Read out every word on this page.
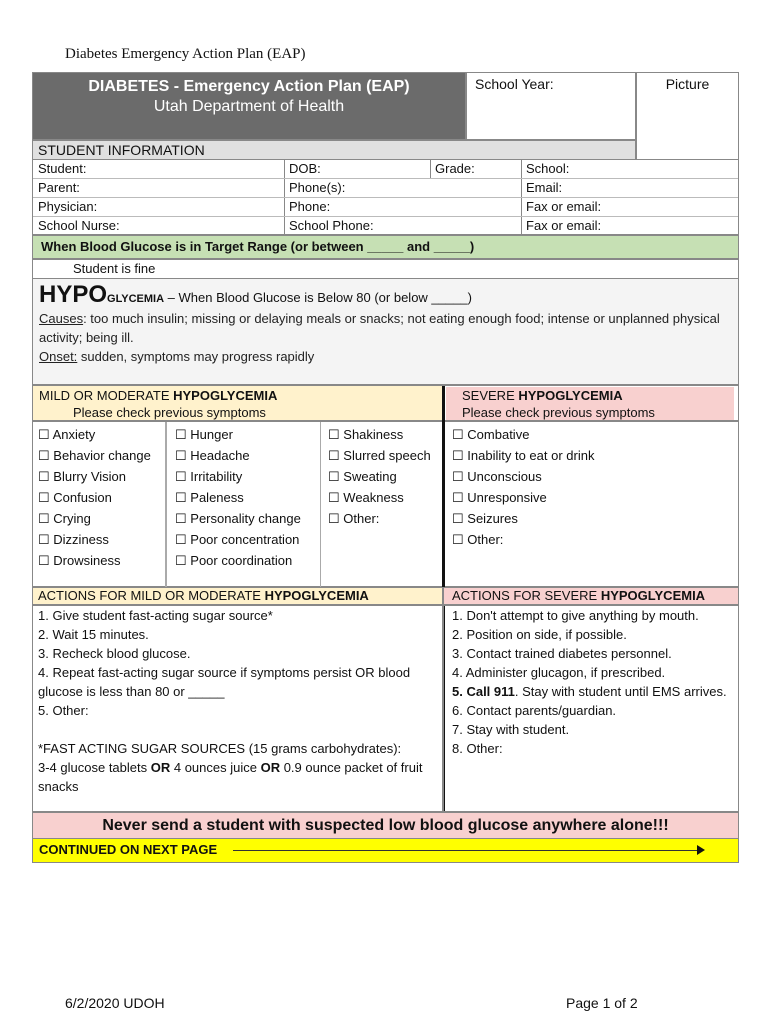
Diabetes Emergency Action Plan (EAP)
DIABETES - Emergency Action Plan (EAP)
Utah Department of Health
School Year:	Picture
STUDENT INFORMATION
Student:	DOB:	Grade:	School:
Parent:	Phone(s):	Email:
Physician:	Phone:	Fax or email:
School Nurse:	School Phone:	Fax or email:
When Blood Glucose is in Target Range (or between _____ and _____)
Student is fine
HYPOGLYCEMIA – When Blood Glucose is Below 80 (or below _____)
Causes: too much insulin; missing or delaying meals or snacks; not eating enough food; intense or unplanned physical activity; being ill.
Onset: sudden, symptoms may progress rapidly
MILD OR MODERATE HYPOGLYCEMIA
Please check previous symptoms
SEVERE HYPOGLYCEMIA
Please check previous symptoms
☐ Anxiety
☐ Behavior change
☐ Blurry Vision
☐ Confusion
☐ Crying
☐ Dizziness
☐ Drowsiness
☐ Hunger
☐ Headache
☐ Irritability
☐ Paleness
☐ Personality change
☐ Poor concentration
☐ Poor coordination
☐ Shakiness
☐ Slurred speech
☐ Sweating
☐ Weakness
☐ Other:
☐ Combative
☐ Inability to eat or drink
☐ Unconscious
☐ Unresponsive
☐ Seizures
☐ Other:
ACTIONS FOR MILD OR MODERATE HYPOGLYCEMIA	ACTIONS FOR SEVERE HYPOGLYCEMIA
1. Give student fast-acting sugar source*
2. Wait 15 minutes.
3. Recheck blood glucose.
4. Repeat fast-acting sugar source if symptoms persist OR blood glucose is less than 80 or _____
5. Other:
*FAST ACTING SUGAR SOURCES (15 grams carbohydrates):
3-4 glucose tablets OR 4 ounces juice OR 0.9 ounce packet of fruit snacks
1. Don't attempt to give anything by mouth.
2. Position on side, if possible.
3. Contact trained diabetes personnel.
4. Administer glucagon, if prescribed.
5. Call 911. Stay with student until EMS arrives.
6. Contact parents/guardian.
7. Stay with student.
8. Other:
Never send a student with suspected low blood glucose anywhere alone!!!
CONTINUED ON NEXT PAGE
6/2/2020 UDOH	Page 1 of 2
